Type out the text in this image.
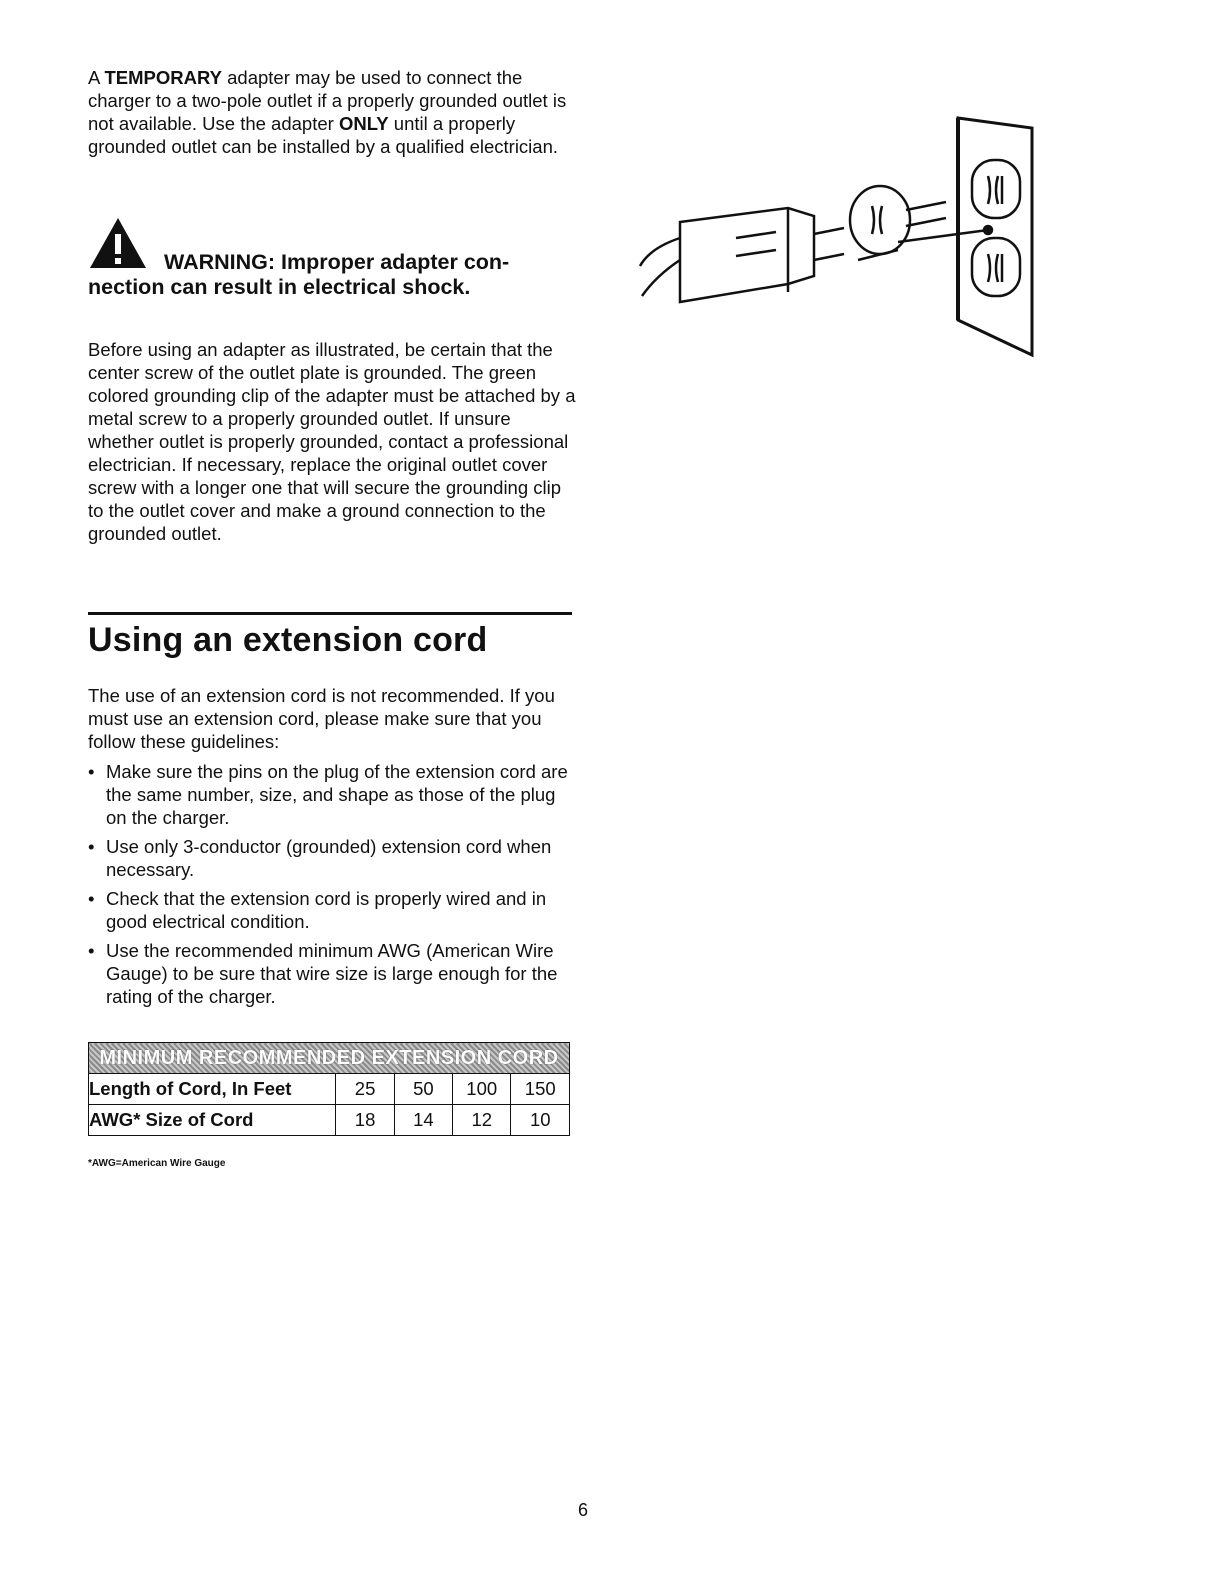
A TEMPORARY adapter may be used to connect the charger to a two-pole outlet if a properly grounded outlet is not available. Use the adapter ONLY until a properly grounded outlet can be installed by a qualified electrician.

WARNING: Improper adapter con-
nection can result in electrical shock.

Before using an adapter as illustrated, be certain that the center screw of the outlet plate is grounded. The green colored grounding clip of the adapter must be attached by a metal screw to a properly grounded outlet. If unsure whether outlet is properly grounded, contact a professional electrician. If necessary, replace the original outlet cover screw with a longer one that will secure the grounding clip to the outlet cover and make a ground connection to the grounded outlet.

Using an extension cord

The use of an extension cord is not recommended. If you must use an extension cord, please make sure that you follow these guidelines:

• Make sure the pins on the plug of the extension cord are the same number, size, and shape as those of the plug on the charger.
• Use only 3-conductor (grounded) extension cord when necessary.
• Check that the extension cord is properly wired and in good electrical condition.
• Use the recommended minimum AWG (American Wire Gauge) to be sure that wire size is large enough for the rating of the charger.
MINIMUM RECOMMENDED EXTENSION CORD				
Length of Cord, In Feet	25	50	100	150
AWG* Size of Cord	18	14	12	10

*AWG=American Wire Gauge

6
